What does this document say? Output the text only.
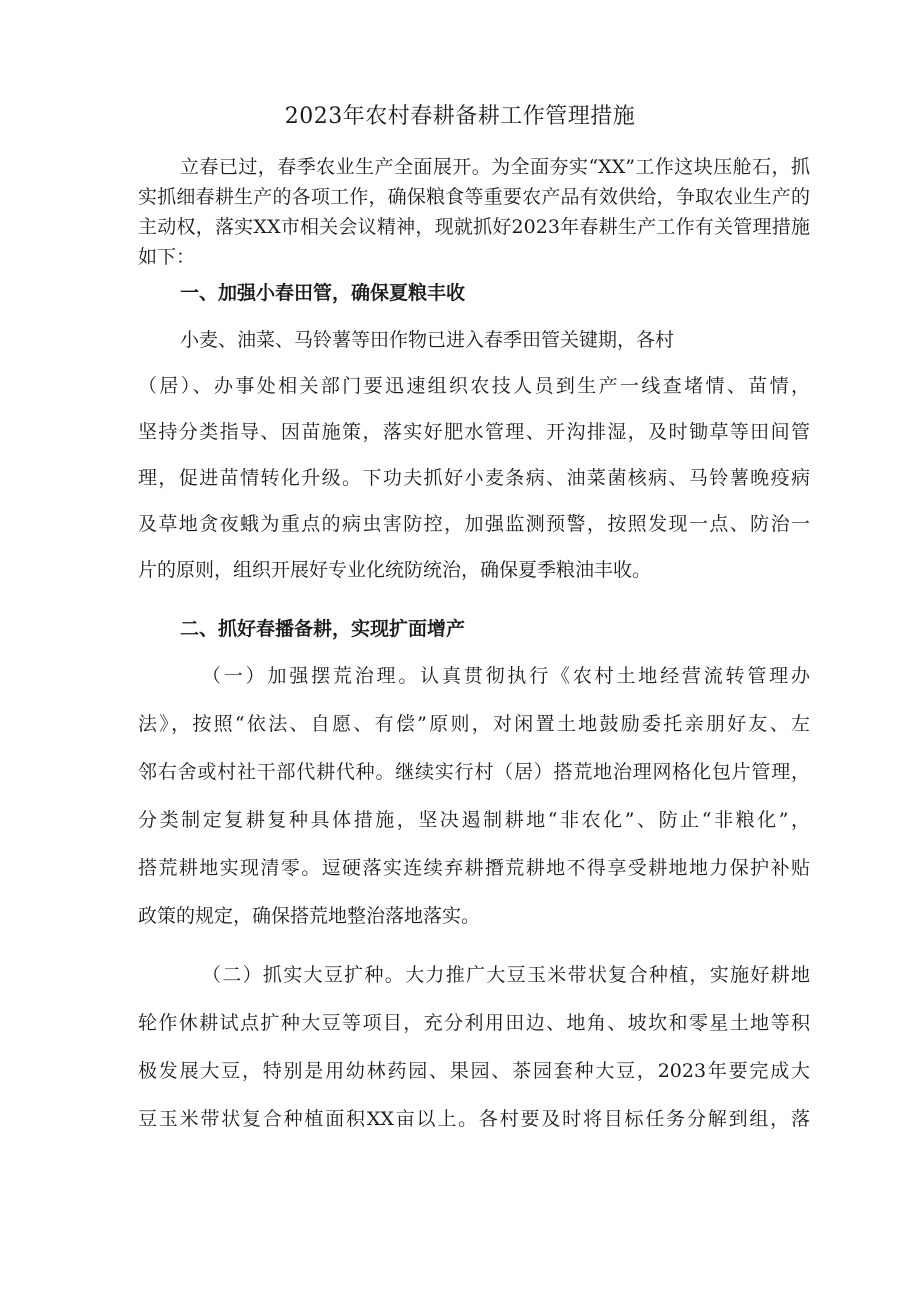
2023年农村春耕备耕工作管理措施

立春已过，春季农业生产全面展开。为全面夯实“XX”工作这块压舱石，抓实抓细春耕生产的各项工作，确保粮食等重要农产品有效供给，争取农业生产的主动权，落实XX市相关会议精神，现就抓好2023年春耕生产工作有关管理措施如下：

一、加强小春田管，确保夏粮丰收

小麦、油菜、马铃薯等田作物已进入春季田管关键期，各村
（居）、办事处相关部门要迅速组织农技人员到生产一线查堵情、苗情，
坚持分类指导、因苗施策，落实好肥水管理、开沟排湿，及时锄草等田间管
理，促进苗情转化升级。下功夫抓好小麦条病、油菜菌核病、马铃薯晚疫病
及草地贪夜蛾为重点的病虫害防控，加强监测预警，按照发现一点、防治一
片的原则，组织开展好专业化统防统治，确保夏季粮油丰收。

二、抓好春播备耕，实现扩面增产

（一）加强摆荒治理。认真贯彻执行《农村土地经营流转管理办
法》，按照“依法、自愿、有偿”原则，对闲置土地鼓励委托亲朋好友、左
邻右舍或村社干部代耕代种。继续实行村（居）搭荒地治理网格化包片管理，
分类制定复耕复种具体措施，坚决遏制耕地“非农化”、防止“非粮化”，
搭荒耕地实现清零。逗硬落实连续弃耕撍荒耕地不得享受耕地地力保护补贴
政策的规定，确保搭荒地整治落地落实。
（二）抓实大豆扩种。大力推广大豆玉米带状复合种植，实施好耕地
轮作休耕试点扩种大豆等项目，充分利用田边、地角、坡坎和零星土地等积
极发展大豆，特别是用幼林药园、果园、茶园套种大豆，2023年要完成大
豆玉米带状复合种植面积XX亩以上。各村要及时将目标任务分解到组，落
